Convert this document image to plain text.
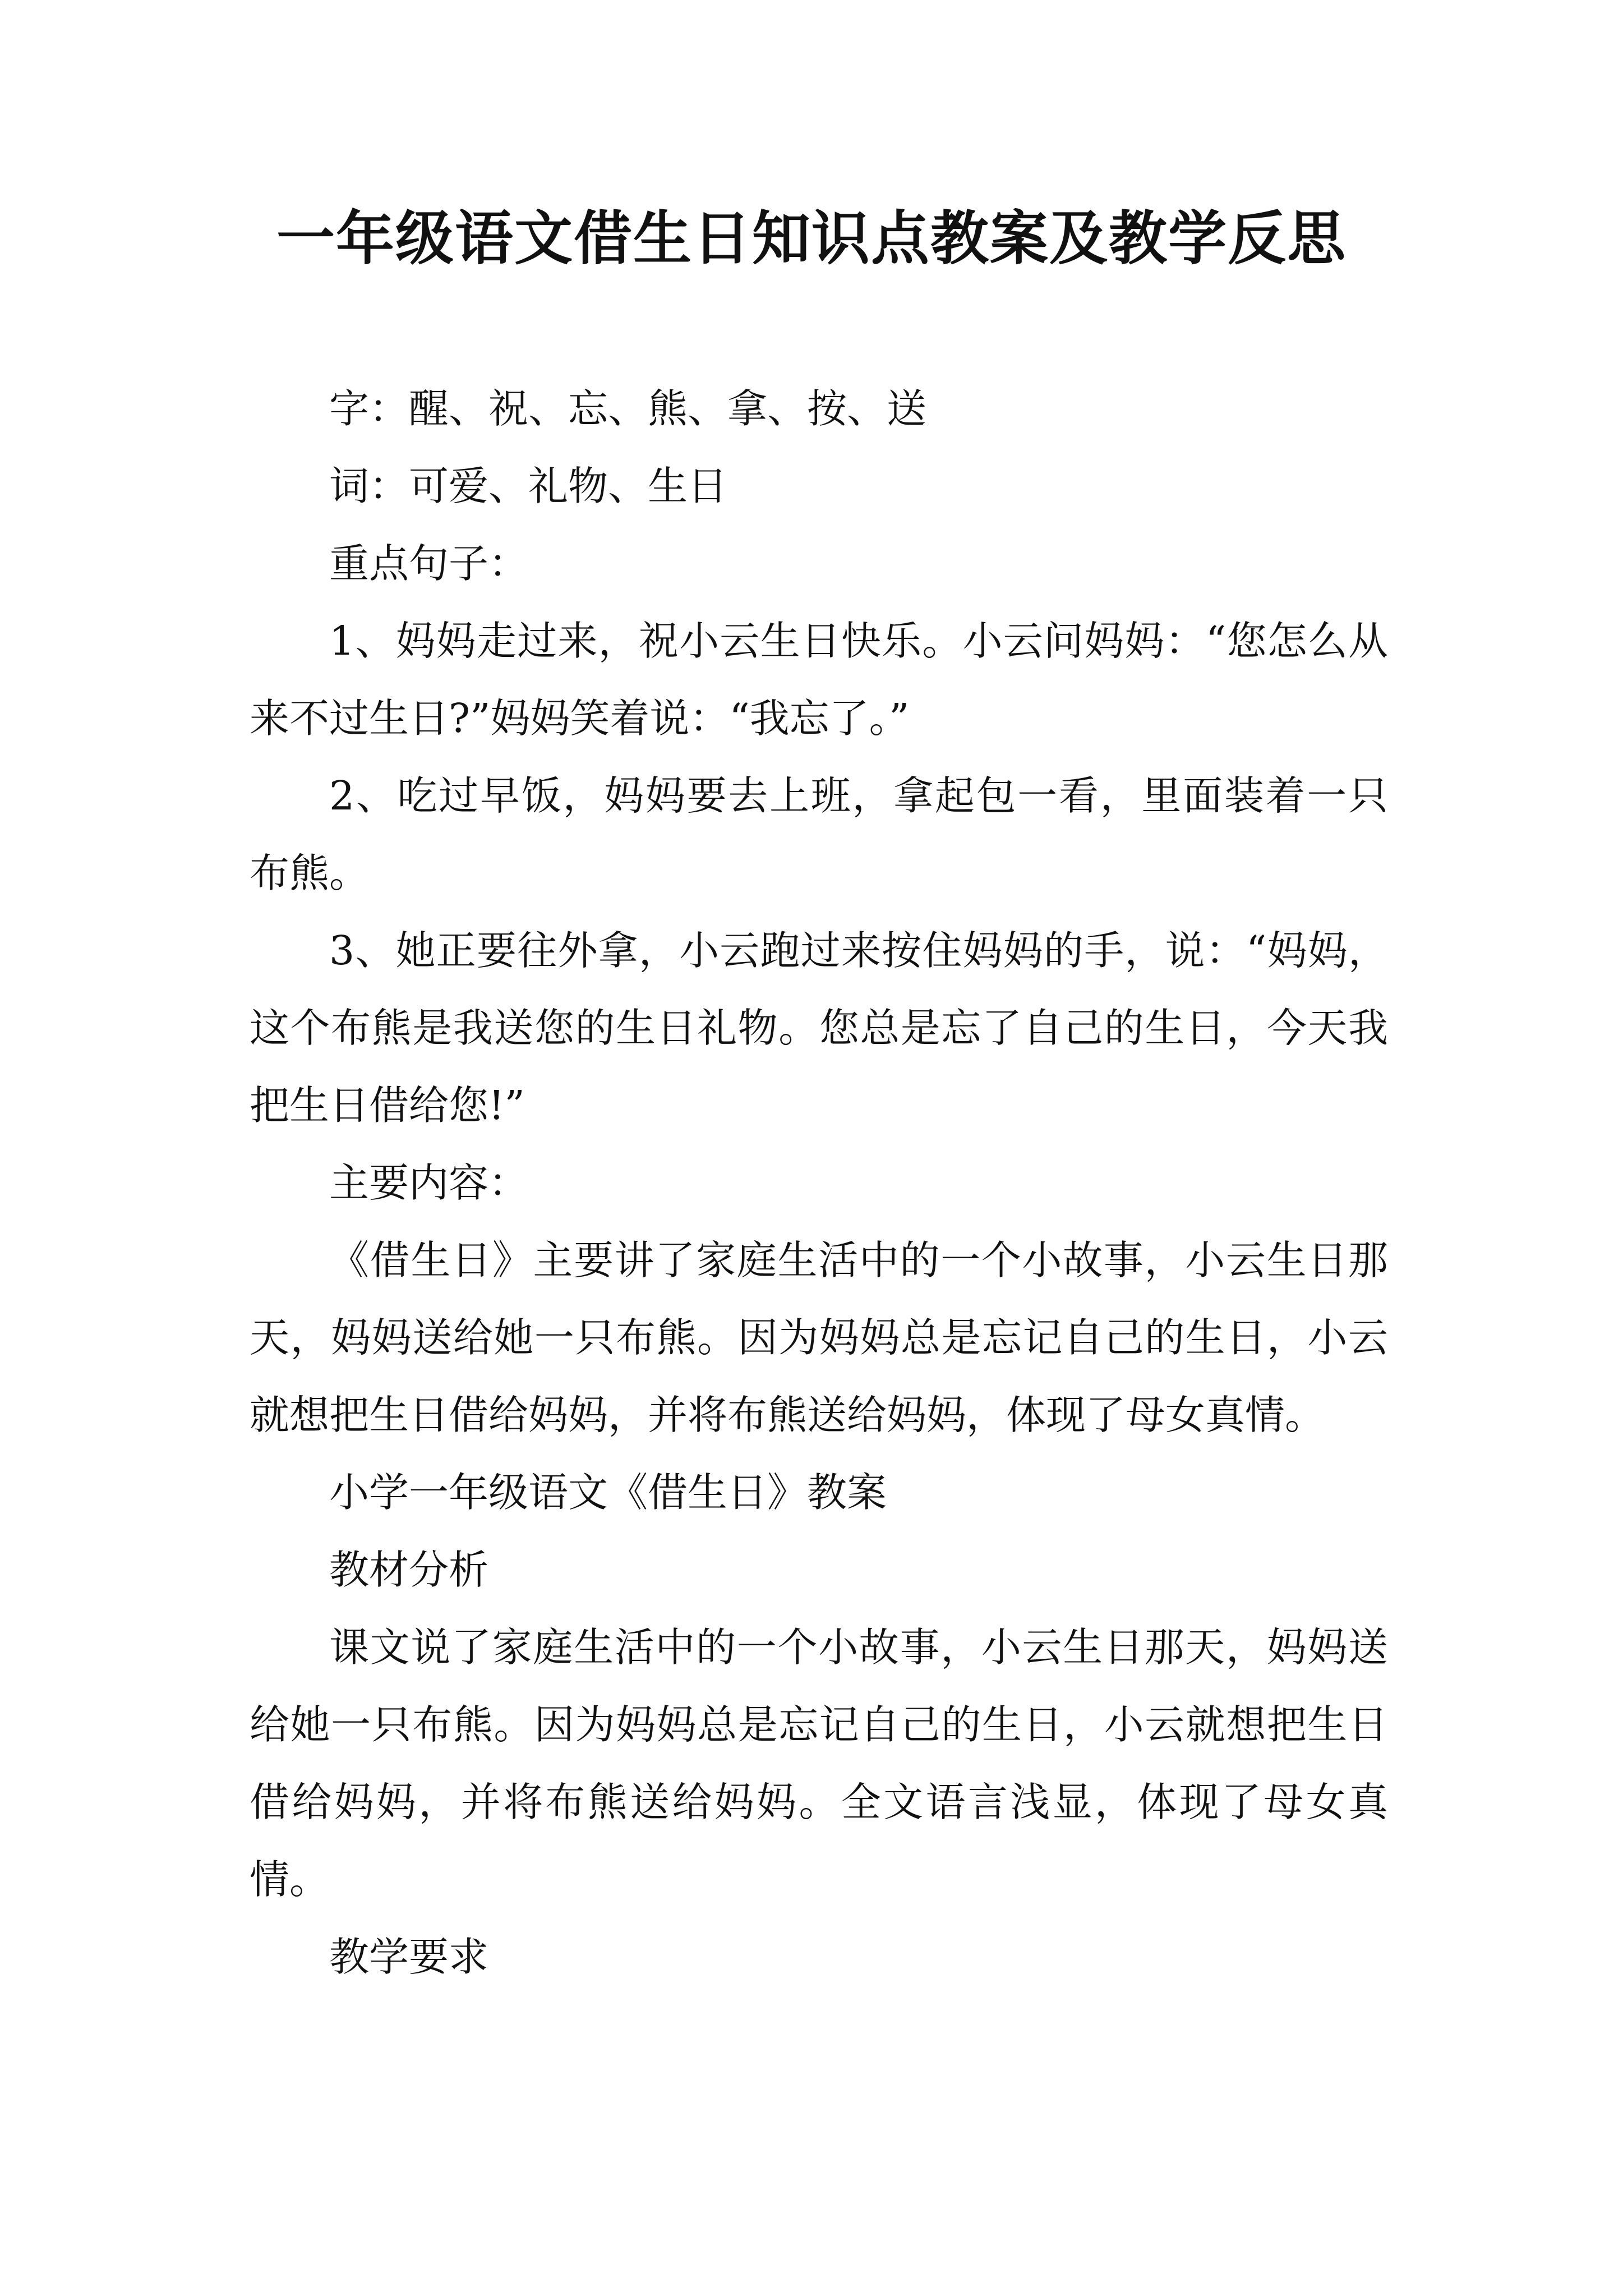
一年级语文借生日知识点教案及教学反思

字：醒、祝、忘、熊、拿、按、送

词：可爱、礼物、生日

重点句子：

1、妈妈走过来，祝小云生日快乐。小云问妈妈：“您怎么从来不过生日?”妈妈笑着说：“我忘了。”

2、吃过早饭，妈妈要去上班，拿起包一看，里面装着一只布熊。

3、她正要往外拿，小云跑过来按住妈妈的手，说：“妈妈，这个布熊是我送您的生日礼物。您总是忘了自己的生日，今天我把生日借给您!”

主要内容：

《借生日》主要讲了家庭生活中的一个小故事，小云生日那天，妈妈送给她一只布熊。因为妈妈总是忘记自己的生日，小云就想把生日借给妈妈，并将布熊送给妈妈，体现了母女真情。

小学一年级语文《借生日》教案

教材分析

课文说了家庭生活中的一个小故事，小云生日那天，妈妈送给她一只布熊。因为妈妈总是忘记自己的生日，小云就想把生日借给妈妈，并将布熊送给妈妈。全文语言浅显，体现了母女真情。

教学要求
